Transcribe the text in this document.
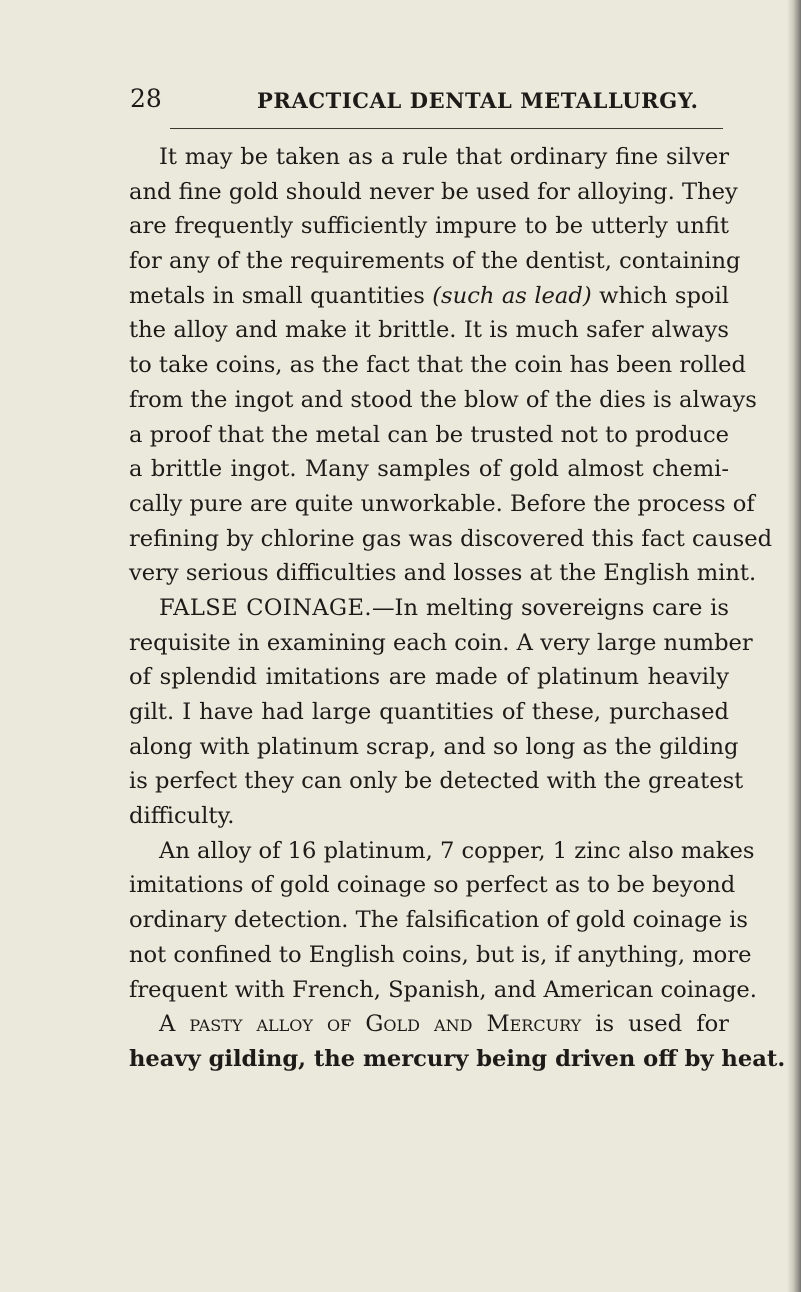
28	PRACTICAL DENTAL METALLURGY.
It may be taken as a rule that ordinary fine silver
and fine gold should never be used for alloying. They
are frequently sufficiently impure to be utterly unfit
for any of the requirements of the dentist, containing
metals in small quantities (such as lead) which spoil
the alloy and make it brittle. It is much safer always
to take coins, as the fact that the coin has been rolled
from the ingot and stood the blow of the dies is always
a proof that the metal can be trusted not to produce
a brittle ingot. Many samples of gold almost chemi-
cally pure are quite unworkable. Before the process of
refining by chlorine gas was discovered this fact caused
very serious difficulties and losses at the English mint.
FALSE COINAGE.—In melting sovereigns care is
requisite in examining each coin. A very large number
of splendid imitations are made of platinum heavily
gilt. I have had large quantities of these, purchased
along with platinum scrap, and so long as the gilding
is perfect they can only be detected with the greatest
difficulty.
An alloy of 16 platinum, 7 copper, 1 zinc also makes
imitations of gold coinage so perfect as to be beyond
ordinary detection. The falsification of gold coinage is
not confined to English coins, but is, if anything, more
frequent with French, Spanish, and American coinage.
A pasty alloy of Gold and Mercury is used for
heavy gilding, the mercury being driven off by heat.
